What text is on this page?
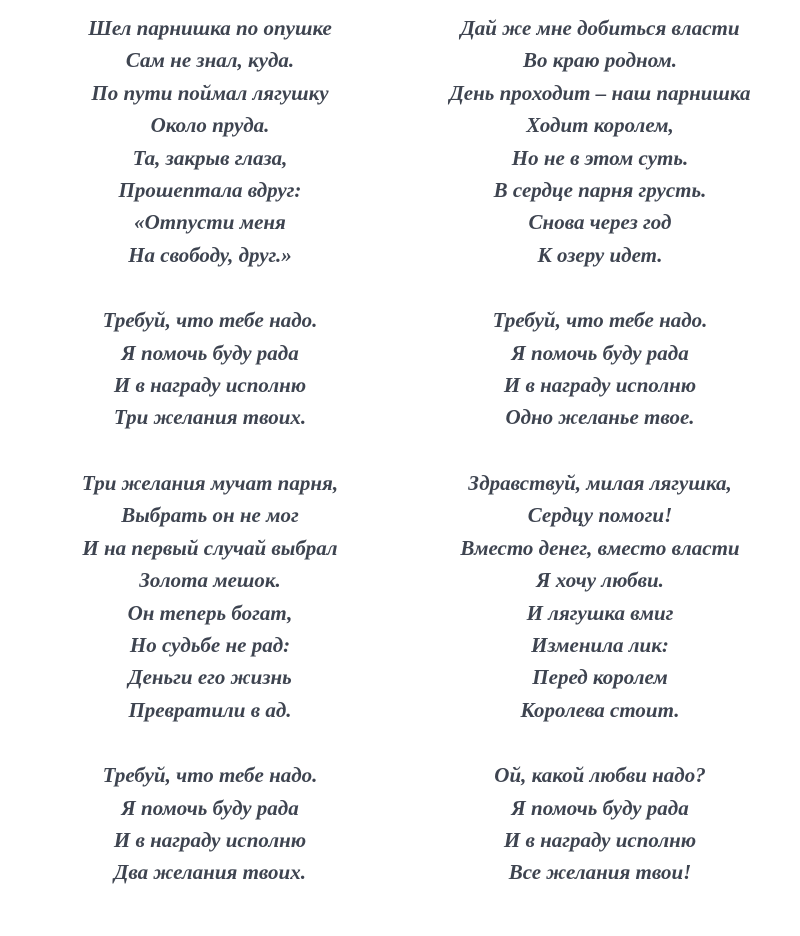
Шел парнишка по опушке
Сам не знал, куда.
По пути поймал лягушку
Около пруда.
Та, закрыв глаза,
Прошептала вдруг:
«Отпусти меня
На свободу, друг.»
Требуй, что тебе надо.
Я помочь буду рада
И в награду исполню
Три желания твоих.
Три желания мучат парня,
Выбрать он не мог
И на первый случай выбрал
Золота мешок.
Он теперь богат,
Но судьбе не рад:
Деньги его жизнь
Превратили в ад.
Требуй, что тебе надо.
Я помочь буду рада
И в награду исполню
Два желания твоих.
Дай же мне добиться власти
Во краю родном.
День проходит – наш парнишка
Ходит королем,
Но не в этом суть.
В сердце парня грусть.
Снова через год
К озеру идет.
Требуй, что тебе надо.
Я помочь буду рада
И в награду исполню
Одно желанье твое.
Здравствуй, милая лягушка,
Сердцу помоги!
Вместо денег, вместо власти
Я хочу любви.
И лягушка вмиг
Изменила лик:
Перед королем
Королева стоит.
Ой, какой любви надо?
Я помочь буду рада
И в награду исполню
Все желания твои!
